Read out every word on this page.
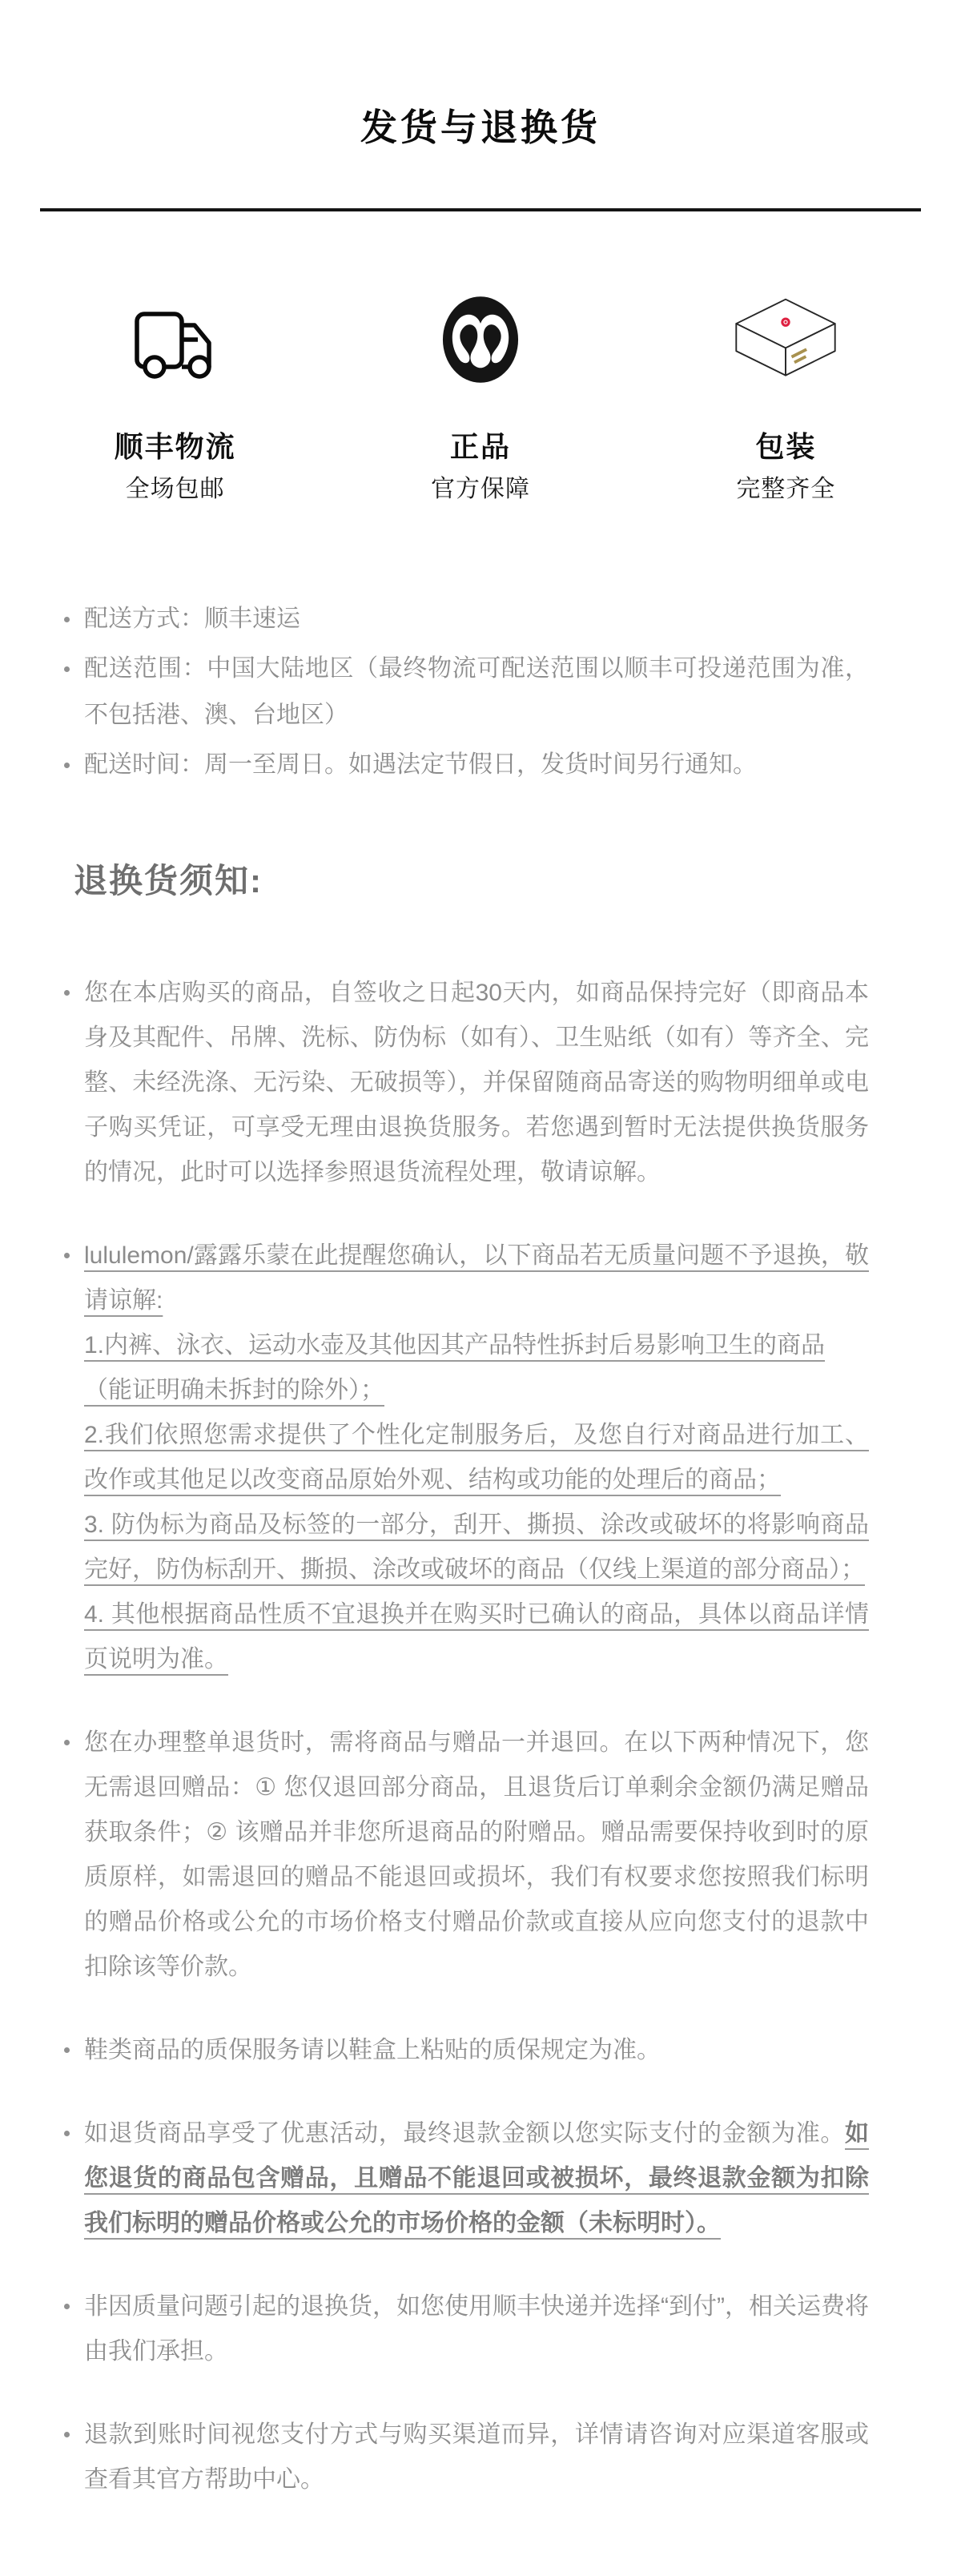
发货与退换货
顺丰物流
全场包邮
正品
官方保障
包装
完整齐全
配送方式：顺丰速运
配送范围：中国大陆地区（最终物流可配送范围以顺丰可投递范围为准，不包括港、澳、台地区）
配送时间：周一至周日。如遇法定节假日，发货时间另行通知。
退换货须知:
您在本店购买的商品，自签收之日起30天内，如商品保持完好（即商品本身及其配件、吊牌、洗标、防伪标（如有）、卫生贴纸（如有）等齐全、完整、未经洗涤、无污染、无破损等），并保留随商品寄送的购物明细单或电子购买凭证，可享受无理由退换货服务。若您遇到暂时无法提供换货服务的情况，此时可以选择参照退货流程处理，敬请谅解。
lululemon/露露乐蒙在此提醒您确认，以下商品若无质量问题不予退换，敬请谅解:
1.内裤、泳衣、运动水壶及其他因其产品特性拆封后易影响卫生的商品
（能证明确未拆封的除外）；
2.我们依照您需求提供了个性化定制服务后，及您自行对商品进行加工、改作或其他足以改变商品原始外观、结构或功能的处理后的商品；
3. 防伪标为商品及标签的一部分，刮开、撕损、涂改或破坏的将影响商品完好，防伪标刮开、撕损、涂改或破坏的商品（仅线上渠道的部分商品）；
4. 其他根据商品性质不宜退换并在购买时已确认的商品，具体以商品详情页说明为准。
您在办理整单退货时，需将商品与赠品一并退回。在以下两种情况下，您无需退回赠品：① 您仅退回部分商品，且退货后订单剩余金额仍满足赠品获取条件；② 该赠品并非您所退商品的附赠品。赠品需要保持收到时的原质原样，如需退回的赠品不能退回或损坏，我们有权要求您按照我们标明的赠品价格或公允的市场价格支付赠品价款或直接从应向您支付的退款中扣除该等价款。
鞋类商品的质保服务请以鞋盒上粘贴的质保规定为准。
如退货商品享受了优惠活动，最终退款金额以您实际支付的金额为准。如您退货的商品包含赠品，且赠品不能退回或被损坏，最终退款金额为扣除我们标明的赠品价格或公允的市场价格的金额（未标明时）。
非因质量问题引起的退换货，如您使用顺丰快递并选择“到付”，相关运费将由我们承担。
退款到账时间视您支付方式与购买渠道而异，详情请咨询对应渠道客服或查看其官方帮助中心。
